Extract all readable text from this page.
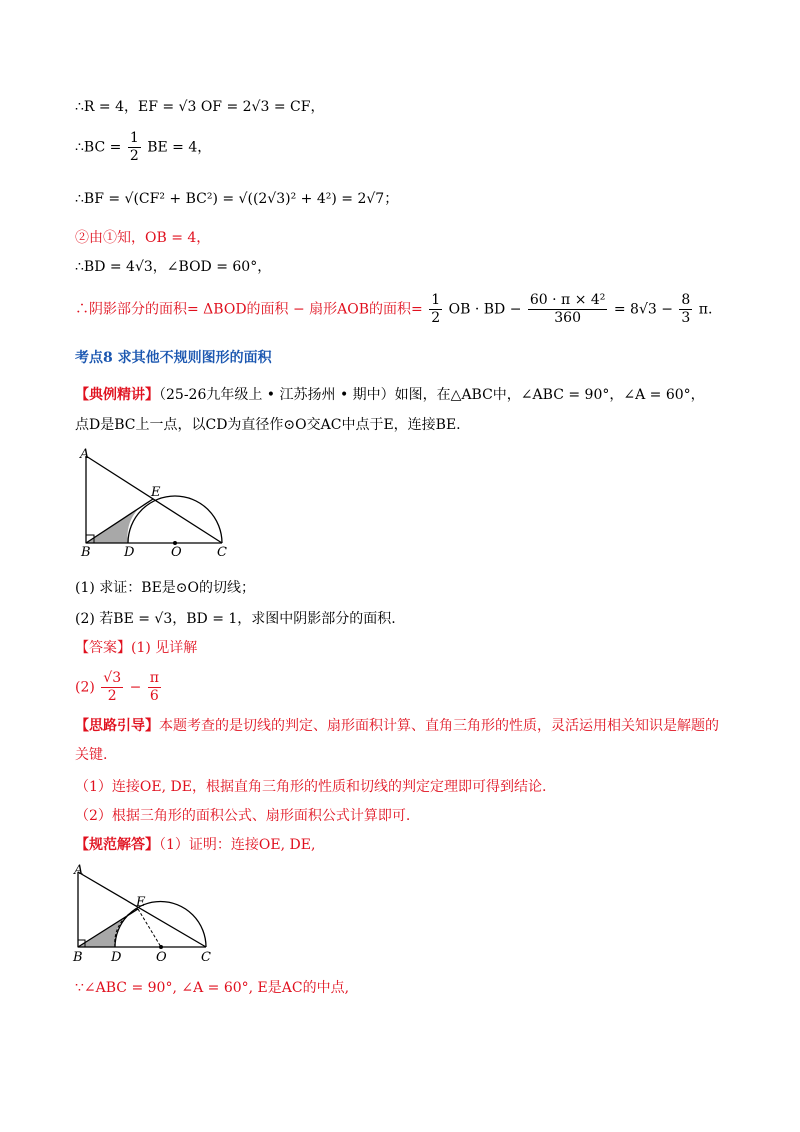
∴R = 4，EF = √3 OF = 2√3 = CF，
∴BC = $\frac{1}{2}$ BE = 4，
∴BF = √(CF² + BC²) = √((2√3)² + 4²) = 2√7；
②由①知，OB = 4，
∴BD = 4√3，∠BOD = 60°，
∴阴影部分的面积= ΔBOD的面积 − 扇形AOB的面积= $\frac{1}{2}$ OB · BD − $\frac{\text{60 · π × 4²}}{360} = 8√3 - \frac{8}{3} \pi$.
考点8 求其他不规则图形的面积
【典例精讲】（25-26九年级上 • 江苏扬州 • 期中）如图，在△ABC中，∠ABC = 90°，∠A = 60°，
点D是BC上一点，以CD为直径作⊙O交AC中点于E，连接BE.
A
B	D
E
O	C
(1) 求证：BE是⊙O的切线；
(2) 若BE = √3，BD = 1，求图中阴影部分的面积.
【答案】(1) 见详解
$(2) \frac{√3}{2} - \frac{\pi}{6}$
【思路引导】本题考查的是切线的判定、扇形面积计算、直角三角形的性质，灵活运用相关知识是解题的
关键.
（1）连接OE, DE，根据直角三角形的性质和切线的判定定理即可得到结论.
（2）根据三角形的面积公式、扇形面积公式计算即可.
【规范解答】（1）证明：连接OE, DE,
A
B D
E
O	C
∵∠ABC = 90°, ∠A = 60°, E是AC的中点,
